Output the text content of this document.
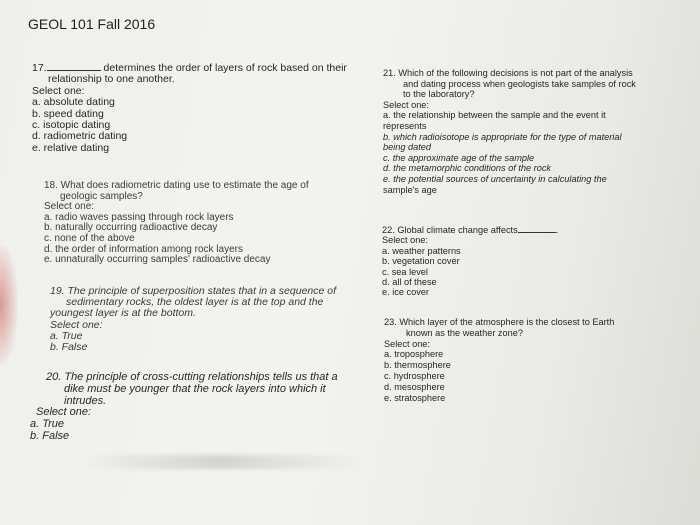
GEOL 101 Fall 2016
17.	determines the order of layers of rock based on their
relationship to one another.
Select one:
a. absolute dating
b. speed dating
c. isotopic dating
d. radiometric dating
e. relative dating
18. What does radiometric dating use to estimate the age of
geologic samples?
Select one:
a. radio waves passing through rock layers
b. naturally occurring radioactive decay
c. none of the above
d. the order of information among rock layers
e. unnaturally occurring samples' radioactive decay
19. The principle of superposition states that in a sequence of
sedimentary rocks, the oldest layer is at the top and the
youngest layer is at the bottom.
Select one:
a. True
b. False
20. The principle of cross-cutting relationships tells us that a
dike must be younger that the rock layers into which it
intrudes.
Select one:
a. True
b. False
21. Which of the following decisions is not part of the analysis
and dating process when geologists take samples of rock
to the laboratory?
Select one:
a. the relationship between the sample and the event it
represents
b. which radioisotope is appropriate for the type of material
being dated
c. the approximate age of the sample
d. the metamorphic conditions of the rock
e. the potential sources of uncertainty in calculating the
sample's age
22. Global climate change affects	.
Select one:
a. weather patterns
b. vegetation cover
c. sea level
d. all of these
e. ice cover
23. Which layer of the atmosphere is the closest to Earth
known as the weather zone?
Select one:
a. troposphere
b. thermosphere
c. hydrosphere
d. mesosphere
e. stratosphere
